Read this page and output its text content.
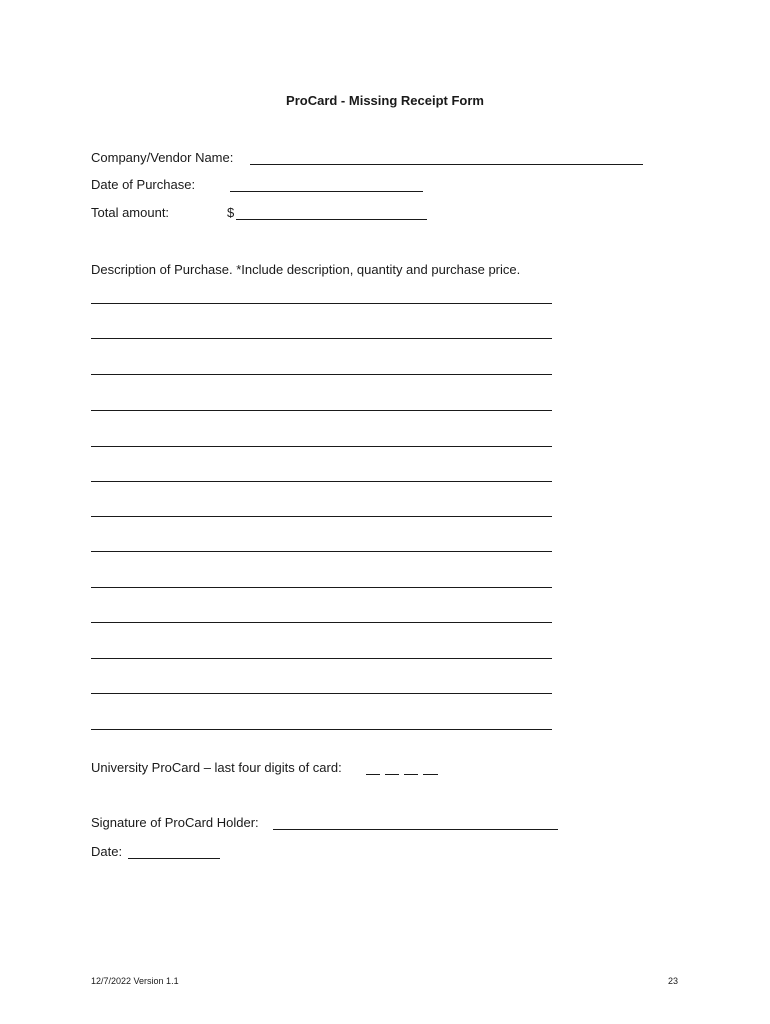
ProCard - Missing Receipt Form
Company/Vendor Name:
Date of Purchase:
Total amount:	$
Description of Purchase. *Include description, quantity and purchase price.
University ProCard – last four digits of card:
Signature of ProCard Holder:
Date:
12/7/2022 Version 1.1	23
